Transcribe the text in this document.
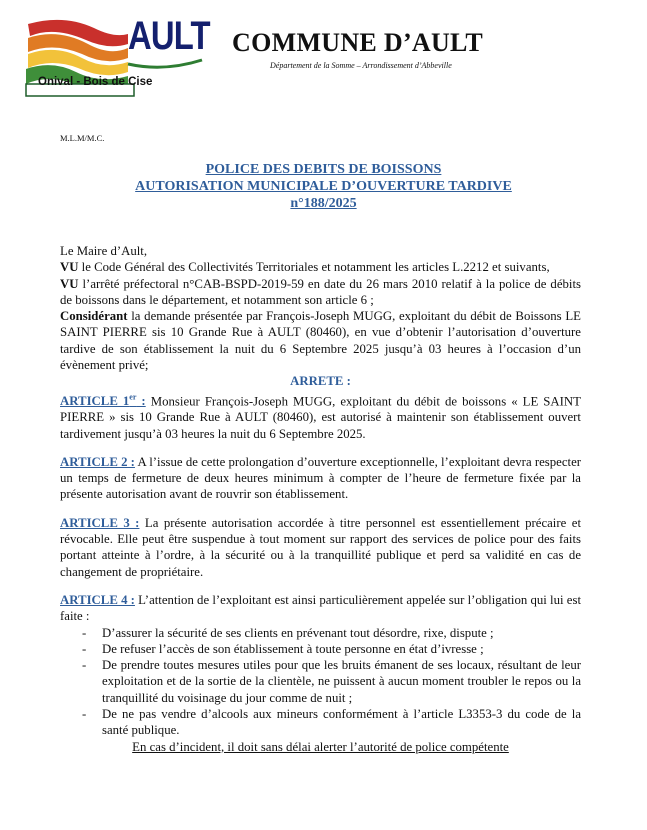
AULT
Onival - Bois de Cise
COMMUNE D’AULT
Département de la Somme – Arrondissement d’Abbeville
M.L.M/M.C.
POLICE DES DEBITS DE BOISSONS
AUTORISATION MUNICIPALE D’OUVERTURE TARDIVE
n°188/2025

Le Maire d’Ault,

VU le Code Général des Collectivités Territoriales et notamment les articles L.2212 et suivants,

VU l’arrêté préfectoral n°CAB-BSPD-2019-59 en date du 26 mars 2010 relatif à la police de débits de boissons dans le département, et notamment son article 6 ;

Considérant la demande présentée par François-Joseph MUGG, exploitant du débit de Boissons LE SAINT PIERRE sis 10 Grande Rue à AULT (80460), en vue d’obtenir l’autorisation d’ouverture tardive de son établissement la nuit du 6 Septembre 2025 jusqu’à 03 heures à l’occasion d’un évènement privé;

ARRETE :

ARTICLE 1er : Monsieur François-Joseph MUGG, exploitant du débit de boissons « LE SAINT PIERRE » sis 10 Grande Rue à AULT (80460), est autorisé à maintenir son établissement ouvert tardivement jusqu’à 03 heures la nuit du 6 Septembre 2025.

ARTICLE 2 : A l’issue de cette prolongation d’ouverture exceptionnelle, l’exploitant devra respecter un temps de fermeture de deux heures minimum à compter de l’heure de fermeture fixée par la présente autorisation avant de rouvrir son établissement.

ARTICLE 3 : La présente autorisation accordée à titre personnel est essentiellement précaire et révocable. Elle peut être suspendue à tout moment sur rapport des services de police pour des faits portant atteinte à l’ordre, à la sécurité ou à la tranquillité publique et perd sa validité en cas de changement de propriétaire.

ARTICLE 4 : L’attention de l’exploitant est ainsi particulièrement appelée sur l’obligation qui lui est faite :

- D’assurer la sécurité de ses clients en prévenant tout désordre, rixe, dispute ;
- De refuser l’accès de son établissement à toute personne en état d’ivresse ;
- De prendre toutes mesures utiles pour que les bruits émanent de ses locaux, résultant de leur exploitation et de la sortie de la clientèle, ne puissent à aucun moment troubler le repos ou la tranquillité du voisinage du jour comme de nuit ;
- De ne pas vendre d’alcools aux mineurs conformément à l’article L3353-3 du code de la santé publique.

En cas d’incident, il doit sans délai alerter l’autorité de police compétente
